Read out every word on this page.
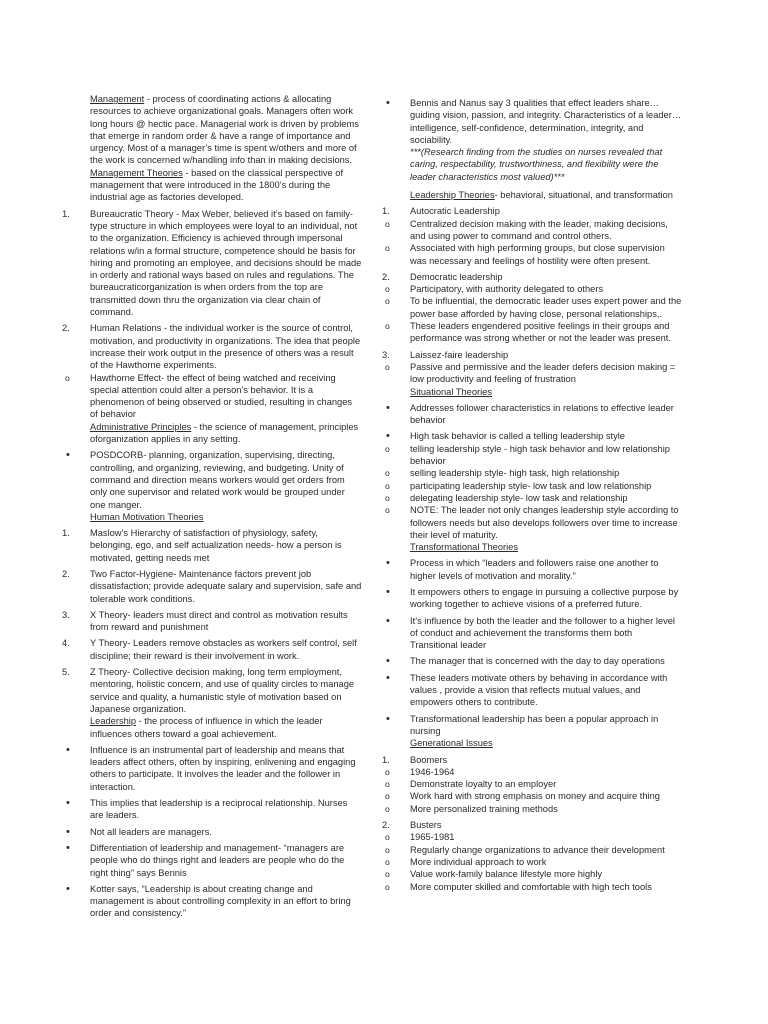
Management - process of coordinating actions & allocating resources to achieve organizational goals. Managers often work long hours @ hectic pace. Managerial work is driven by problems that emerge in random order & have a range of importance and urgency. Most of a manager’s time is spent w/others and more of the work is concerned w/handling info than in making decisions.
Management Theories - based on the classical perspective of management that were introduced in the 1800’s during the industrial age as factories developed.
1.	Bureaucratic Theory - Max Weber, believed it’s based on family-type structure in which employees were loyal to an individual, not to the organization. Efficiency is achieved through impersonal relations w/in a formal structure, competence should be basis for hiring and promoting an employee, and decisions should be made in orderly and rational ways based on rules and regulations. The bureaucraticorganization is when orders from the top are transmitted down thru the organization via clear chain of command.
2.	Human Relations - the individual worker is the source of control, motivation, and productivity in organizations. The idea that people increase their work output in the presence of others was a result of the Hawthorne experiments.
o	Hawthorne Effect- the effect of being watched and receiving special attention could alter a person’s behavior. It is a phenomenon of being observed or studied, resulting in changes of behavior
Administrative Principles - the science of management, principles oforganization applies in any setting.
•	POSDCORB- planning, organization, supervising, directing, controlling, and organizing, reviewing, and budgeting. Unity of command and direction means workers would get orders from only one supervisor and related work would be grouped under one manger.
Human Motivation Theories
1.	Maslow’s Hierarchy of satisfaction of physiology, safety, belonging, ego, and self actualization needs- how a person is motivated, getting needs met
2.	Two Factor-Hygiene- Maintenance factors prevent job dissatisfaction; provide adequate salary and supervision, safe and tolerable work conditions.
3.	X Theory- leaders must direct and control as motivation results from reward and punishment
4.	Y Theory- Leaders remove obstacles as workers self control, self discipline; their reward is their involvement in work.
5.	Z Theory- Collective decision making, long term employment, mentoring, holistic concern, and use of quality circles to manage service and quality, a humanistic style of motivation based on Japanese organization.
Leadership - the process of influence in which the leader influences others toward a goal achievement.
•	Influence is an instrumental part of leadership and means that leaders affect others, often by inspiring, enlivening and engaging others to participate. It involves the leader and the follower in interaction.
•	This implies that leadership is a reciprocal relationship. Nurses are leaders.
•	Not all leaders are managers.
•	Differentiation of leadership and management- “managers are people who do things right and leaders are people who do the right thing” says Bennis
•	Kotter says, “Leadership is about creating change and management is about controlling complexity in an effort to bring order and consistency.”
•	Bennis and Nanus say 3 qualities that effect leaders share…guiding vision, passion, and integrity. Characteristics of a leader…intelligence, self-confidence, determination, integrity, and sociability.
***(Research finding from the studies on nurses revealed that caring, respectability, trustworthiness, and flexibility were the leader characteristics most valued)***
Leadership Theories- behavioral, situational, and transformation
1.	Autocratic Leadership
o	Centralized decision making with the leader, making decisions, and using power to command and control others.
o	Associated with high performing groups, but close supervision was necessary and feelings of hostility were often present.
2.	Democratic leadership
o	Participatory, with authority delegated to others
o	To be influential, the democratic leader uses expert power and the power base afforded by having close, personal relationships,.
o	These leaders engendered positive feelings in their groups and performance was strong whether or not the leader was present.
3.	Laissez-faire leadership
o	Passive and permissive and the leader defers decision making = low productivity and feeling of frustration
Situational Theories
•	Addresses follower characteristics in relations to effective leader behavior
•	High task behavior is called a telling leadership style
o	telling leadership style - high task behavior and low relationship behavior
o	selling leadership style- high task, high relationship
o	participating leadership style- low task and low relationship
o	delegating leadership style- low task and relationship
o	NOTE: The leader not only changes leadership style according to followers needs but also develops followers over time to increase their level of maturity.
Transformational Theories
•	Process in which “leaders and followers raise one another to higher levels of motivation and morality.”
•	It empowers others to engage in pursuing a collective purpose by working together to achieve visions of a preferred future.
•	It’s influence by both the leader and the follower to a higher level of conduct and achievement the transforms them both
Transitional leader
•	The manager that is concerned with the day to day operations
•	These leaders motivate others by behaving in accordance with values , provide a vision that reflects mutual values, and empowers others to contribute.
•	Transformational leadership has been a popular approach in nursing
Generational Issues
1.	Boomers
o	1946-1964
o	Demonstrate loyalty to an employer
o	Work hard with strong emphasis on money and acquire thing
o	More personalized training methods
2.	Busters
o	1965-1981
o	Regularly change organizations to advance their development
o	More individual approach to work
o	Value work-family balance lifestyle more highly
o	More computer skilled and comfortable with high tech tools
